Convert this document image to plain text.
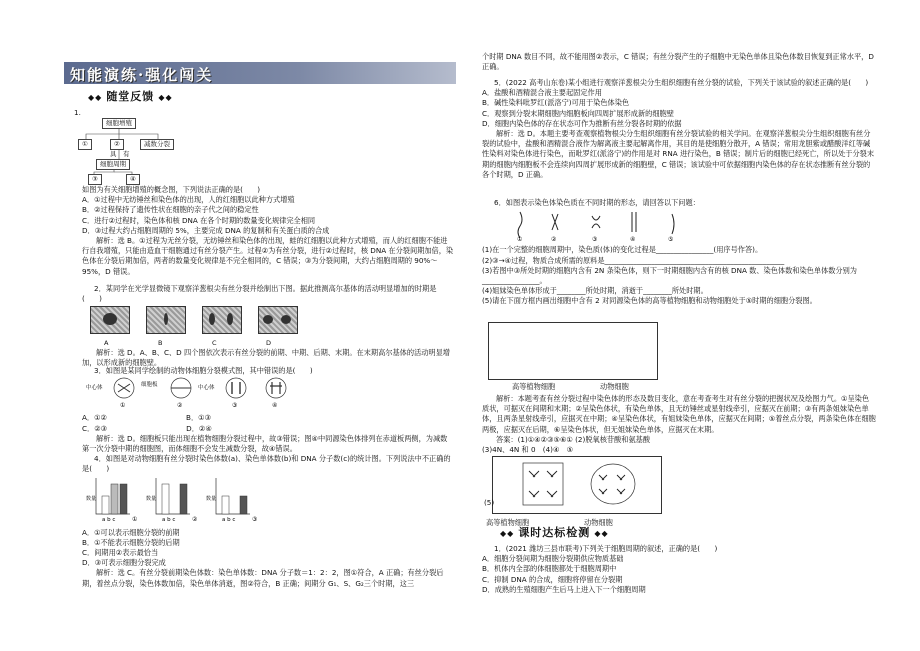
知能演练·强化闯关
◆◆ 随堂反馈 ◆◆

1.

细胞增殖
①	②	减数分裂

具　有

细胞周期
③	④

如图为有关细胞增殖的概念图，下列说法正确的是(　　)

A．①过程中无纺锤丝和染色体的出现，人的红细胞以此种方式增殖

B．②过程保持了遗传性状在细胞的亲子代之间的稳定性

C．进行②过程时，染色体和核 DNA 在各个时期的数量变化规律完全相同

D．③过程大约占细胞周期的 5%，主要完成 DNA 的复制和有关蛋白质的合成

解析：选 B。①过程为无丝分裂，无纺锤丝和染色体的出现，蛙的红细胞以此种方式增殖，而人的红细胞不能进行自我增殖，只能由造血干细胞通过有丝分裂产生。过程②为有丝分裂，进行②过程时，核 DNA 在分裂间期加倍，染色体在分裂后期加倍，两者的数量变化规律是不完全相同的，C 错误；③为分裂间期，大约占细胞周期的 90%～95%，D 错误。

2．某同学在光学显微镜下观察洋葱根尖有丝分裂并绘制出下图。据此推测高尔基体的活动明显增加的时期是(　　)

A	B	C	D

解析：选 D。A、B、C、D 四个图依次表示有丝分裂的前期、中期、后期、末期。在末期高尔基体的活动明显增加，以形成新的细胞壁。

3．如图是某同学绘制的动物体细胞分裂模式图，其中错误的是(　　)

中心体	细胞板	中心体
①	②	③	④

A．①②　　　　　　　　　　　B．①③

C．②③　　　　　　　　　　　D．②④

解析：选 D。细胞板只能出现在植物细胞分裂过程中，故③错误；图④中同源染色体排列在赤道板两侧，为减数第一次分裂中期的细胞图，而体细胞不会发生减数分裂，故④错误。

4．如图是对动物细胞有丝分裂时染色体数(a)、染色单体数(b)和 DNA 分子数(c)的统计图。下列说法中不正确的是(　　)

数量	数量	数量
a b c	a b c	a b c
①	②	③

A．①可以表示细胞分裂的前期

B．①不能表示细胞分裂的后期

C．间期用②表示最恰当

D．③可表示细胞分裂完成

解析：选 C。有丝分裂前期染色体数：染色单体数：DNA 分子数＝1：2：2，图①符合，A 正确；有丝分裂后期，着丝点分裂，染色体数加倍，染色单体消逝，图②符合，B 正确；间期分 G₁、S、G₂三个时期，这三

个时期 DNA 数目不同，故不能用图②表示，C 错误；有丝分裂产生的子细胞中无染色单体且染色体数目恢复到正常水平，D 正确。

5．(2022 高考山东卷)某小组进行观察洋葱根尖分生组织细胞有丝分裂的试验，下列关于该试验的叙述正确的是(　　)

A．盐酸和酒精混合液主要起固定作用

B．碱性染料吡罗红(派洛宁)可用于染色体染色

C．观察到分裂末期细胞内细胞板向四周扩展形成新的细胞壁

D．细胞内染色体的存在状态可作为推断有丝分裂各时期的依据

解析：选 D。本题主要考查观察植物根尖分生组织细胞有丝分裂试验的相关学问。在观察洋葱根尖分生组织细胞有丝分裂的试验中，盐酸和酒精混合液作为解离液主要起解离作用，其目的是使细胞分散开，A 错误；常用龙胆紫或醋酸洋红等碱性染料对染色体进行染色，而吡罗红(派洛宁)的作用是对 RNA 进行染色，B 错误；制片后的细胞已经死亡，所以处于分裂末期的细胞内细胞板不会连续向四周扩展形成新的细胞壁，C 错误；该试验中可依据细胞内染色体的存在状态推断有丝分裂的各个时期，D 正确。

6．如图表示染色体染色质在不同时期的形态，请回答以下问题：

①	②	③	④	⑤

(1)在一个完整的细胞周期中，染色质(体)的变化过程是________________(用序号作答)。

(2)③→④过程，物质合成所需的原料是__________________________________________________

(3)若图中③所处时期的细胞内含有 2N 条染色体，则下一时期细胞内含有的核 DNA 数、染色体数和染色单体数分别为________________。

(4)姐妹染色单体形成于________所处时期，消逝于________所处时期。

(5)请在下面方框内画出细胞中含有 2 对同源染色体的高等植物细胞和动物细胞处于⑤时期的细胞分裂图。

高等植物细胞	动物细胞

解析：本题考查有丝分裂过程中染色体的形态及数目变化，意在考查考生对有丝分裂的把握状况及绘图力气。①呈染色质状，可据灭在间期和末期；②呈染色体状，有染色单体，且无纺锤丝或星射线牵引，应据灭在前期；③有两条姐妹染色单体，且两条星射线牵引，应据灭在中期；④呈染色体状，有姐妹染色单体，应据灭在间期；⑤着丝点分裂，两条染色体在细胞两极，应据灭在后期，⑥呈染色体状，但无姐妹染色单体，应据灭在末期。

答案：(1)①④②③⑤⑥① (2)脱氧核苷酸和氨基酸

(3)4N、4N 和 0　(4)④　⑤

(5)

高等植物细胞	动物细胞

◆◆ 课时达标检测 ◆◆

1．(2021 潍坊三县市联考)下列关于细胞周期的叙述，正确的是(　　)

A．细胞分裂间期为细胞分裂期供应物质基础

B．机体内全部的体细胞都处于细胞周期中

C．抑制 DNA 的合成，细胞将停留在分裂期

D．成熟的生殖细胞产生后马上进入下一个细胞周期
